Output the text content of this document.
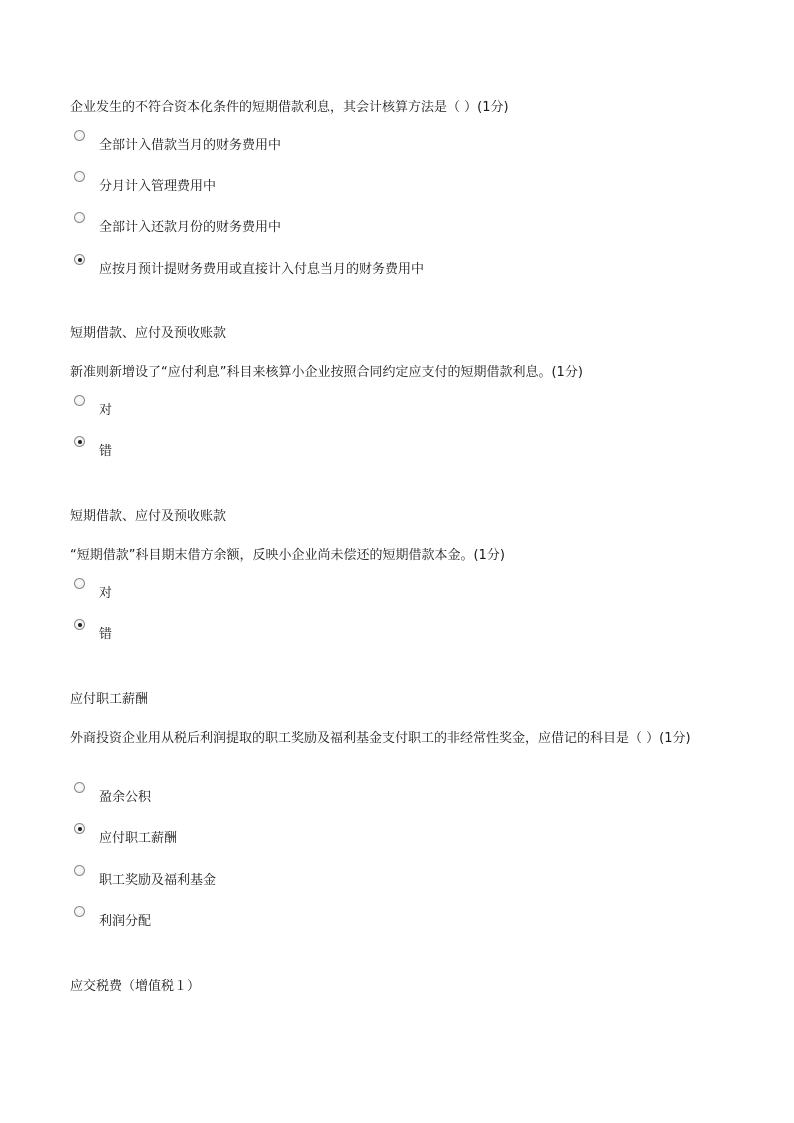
企业发生的不符合资本化条件的短期借款利息，其会计核算方法是（ ）(1分)
全部计入借款当月的财务费用中
分月计入管理费用中
全部计入还款月份的财务费用中
应按月预计提财务费用或直接计入付息当月的财务费用中
短期借款、应付及预收账款
新准则新增设了“应付利息”科目来核算小企业按照合同约定应支付的短期借款利息。(1分)
对
错
短期借款、应付及预收账款
“短期借款”科目期末借方余额，反映小企业尚未偿还的短期借款本金。(1分)
对
错
应付职工薪酬
外商投资企业用从税后利润提取的职工奖励及福利基金支付职工的非经常性奖金，应借记的科目是（ ）(1分)
盈余公积
应付职工薪酬
职工奖励及福利基金
利润分配
应交税费（增值税１）
